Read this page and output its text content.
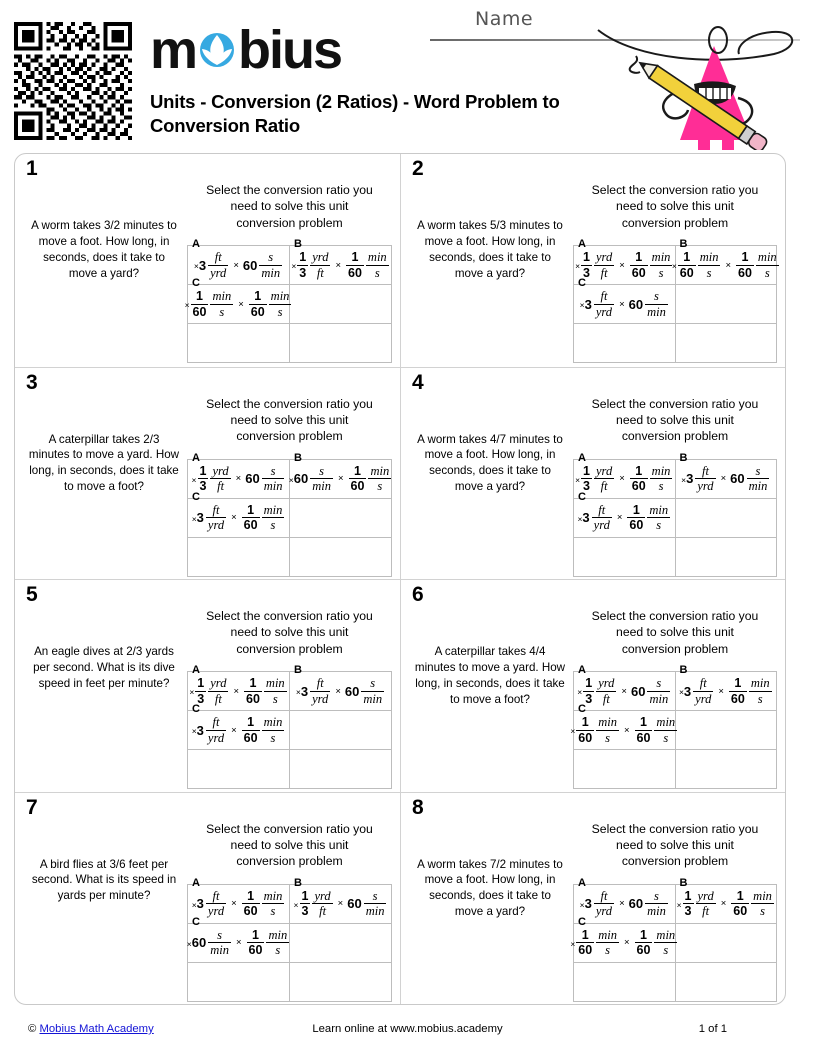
m bius
Units - Conversion (2 Ratios) - Word Problem to Conversion Ratio
Name
1
A worm takes 3/2 minutes to move a foot. How long, in seconds, does it take to move a yard?
Select the conversion ratio you need to solve this unit conversion problem
A
× $3 \frac{ft}{\text{yrd}} \times 60 \frac{s}{\min}$

B
× $\frac{1}{3} \frac{\text{yrd}}{ft} \times \frac{1}{60} \frac{\min}{s}$

C
× $\frac{1}{60} \frac{\min}{s} \times \frac{1}{60} \frac{\min}{s}$

2
A worm takes 5/3 minutes to move a foot. How long, in seconds, does it take to move a yard?
Select the conversion ratio you need to solve this unit conversion problem
A
× $\frac{1}{3} \frac{\text{yrd}}{ft} \times \frac{1}{60} \frac{\min}{s}$

B
× $\frac{1}{60} \frac{\min}{s} \times \frac{1}{60} \frac{\min}{s}$

C
× $3 \frac{ft}{\text{yrd}} \times 60 \frac{s}{\min}$

3
A caterpillar takes 2/3 minutes to move a yard. How long, in seconds, does it take to move a foot?
Select the conversion ratio you need to solve this unit conversion problem
A
× $\frac{1}{3} \frac{\text{yrd}}{ft} \times 60 \frac{s}{\min}$

B
× $60 \frac{s}{\min} \times \frac{1}{60} \frac{\min}{s}$

C
× $3 \frac{ft}{\text{yrd}} \times \frac{1}{60} \frac{\min}{s}$

4
A worm takes 4/7 minutes to move a foot. How long, in seconds, does it take to move a yard?
Select the conversion ratio you need to solve this unit conversion problem
A
× $\frac{1}{3} \frac{\text{yrd}}{ft} \times \frac{1}{60} \frac{\min}{s}$

B
× $3 \frac{ft}{\text{yrd}} \times 60 \frac{s}{\min}$

C
× $3 \frac{ft}{\text{yrd}} \times \frac{1}{60} \frac{\min}{s}$

5
An eagle dives at 2/3 yards per second. What is its dive speed in feet per minute?
Select the conversion ratio you need to solve this unit conversion problem
A
× $\frac{1}{3} \frac{\text{yrd}}{ft} \times \frac{1}{60} \frac{\min}{s}$

B
× $3 \frac{ft}{\text{yrd}} \times 60 \frac{s}{\min}$

C
× $3 \frac{ft}{\text{yrd}} \times \frac{1}{60} \frac{\min}{s}$

6
A caterpillar takes 4/4 minutes to move a yard. How long, in seconds, does it take to move a foot?
Select the conversion ratio you need to solve this unit conversion problem
A
× $\frac{1}{3} \frac{\text{yrd}}{ft} \times 60 \frac{s}{\min}$

B
× $3 \frac{ft}{\text{yrd}} \times \frac{1}{60} \frac{\min}{s}$

C
× $\frac{1}{60} \frac{\min}{s} \times \frac{1}{60} \frac{\min}{s}$

7
A bird flies at 3/6 feet per second. What is its speed in yards per minute?
Select the conversion ratio you need to solve this unit conversion problem
A
× $3 \frac{ft}{\text{yrd}} \times \frac{1}{60} \frac{\min}{s}$

B
× $\frac{1}{3} \frac{\text{yrd}}{ft} \times 60 \frac{s}{\min}$

C
× $60 \frac{s}{\min} \times \frac{1}{60} \frac{\min}{s}$

8
A worm takes 7/2 minutes to move a foot. How long, in seconds, does it take to move a yard?
Select the conversion ratio you need to solve this unit conversion problem
A
× $3 \frac{ft}{\text{yrd}} \times 60 \frac{s}{\min}$

B
× $\frac{1}{3} \frac{\text{yrd}}{ft} \times \frac{1}{60} \frac{\min}{s}$

C
× $\frac{1}{60} \frac{\min}{s} \times \frac{1}{60} \frac{\min}{s}$

© Mobius Math Academy	Learn online at www.mobius.academy	1 of 1
